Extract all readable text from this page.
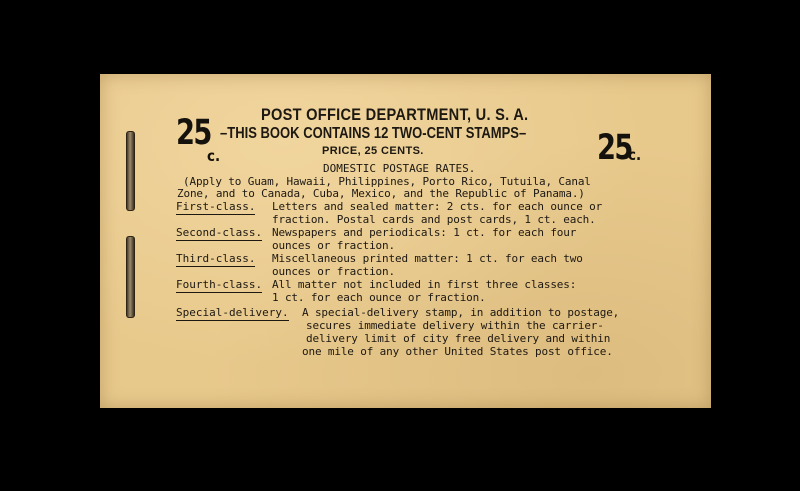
25
c.	25
c.
POST OFFICE DEPARTMENT, U. S. A.
–THIS BOOK CONTAINS 12 TWO-CENT STAMPS–
PRICE, 25 CENTS.
DOMESTIC POSTAGE RATES.
(Apply to Guam, Hawaii, Philippines, Porto Rico, Tutuila, Canal
Zone, and to Canada, Cuba, Mexico, and the Republic of Panama.)
First-class. Letters and sealed matter: 2 cts. for each ounce or
fraction. Postal cards and post cards, 1 ct. each.
Second-class. Newspapers and periodicals: 1 ct. for each four
ounces or fraction.
Third-class. Miscellaneous printed matter: 1 ct. for each two
ounces or fraction.
Fourth-class. All matter not included in first three classes:
1 ct. for each ounce or fraction.
Special-delivery. A special-delivery stamp, in addition to postage,
secures immediate delivery within the carrier-
delivery limit of city free delivery and within
one mile of any other United States post office.
